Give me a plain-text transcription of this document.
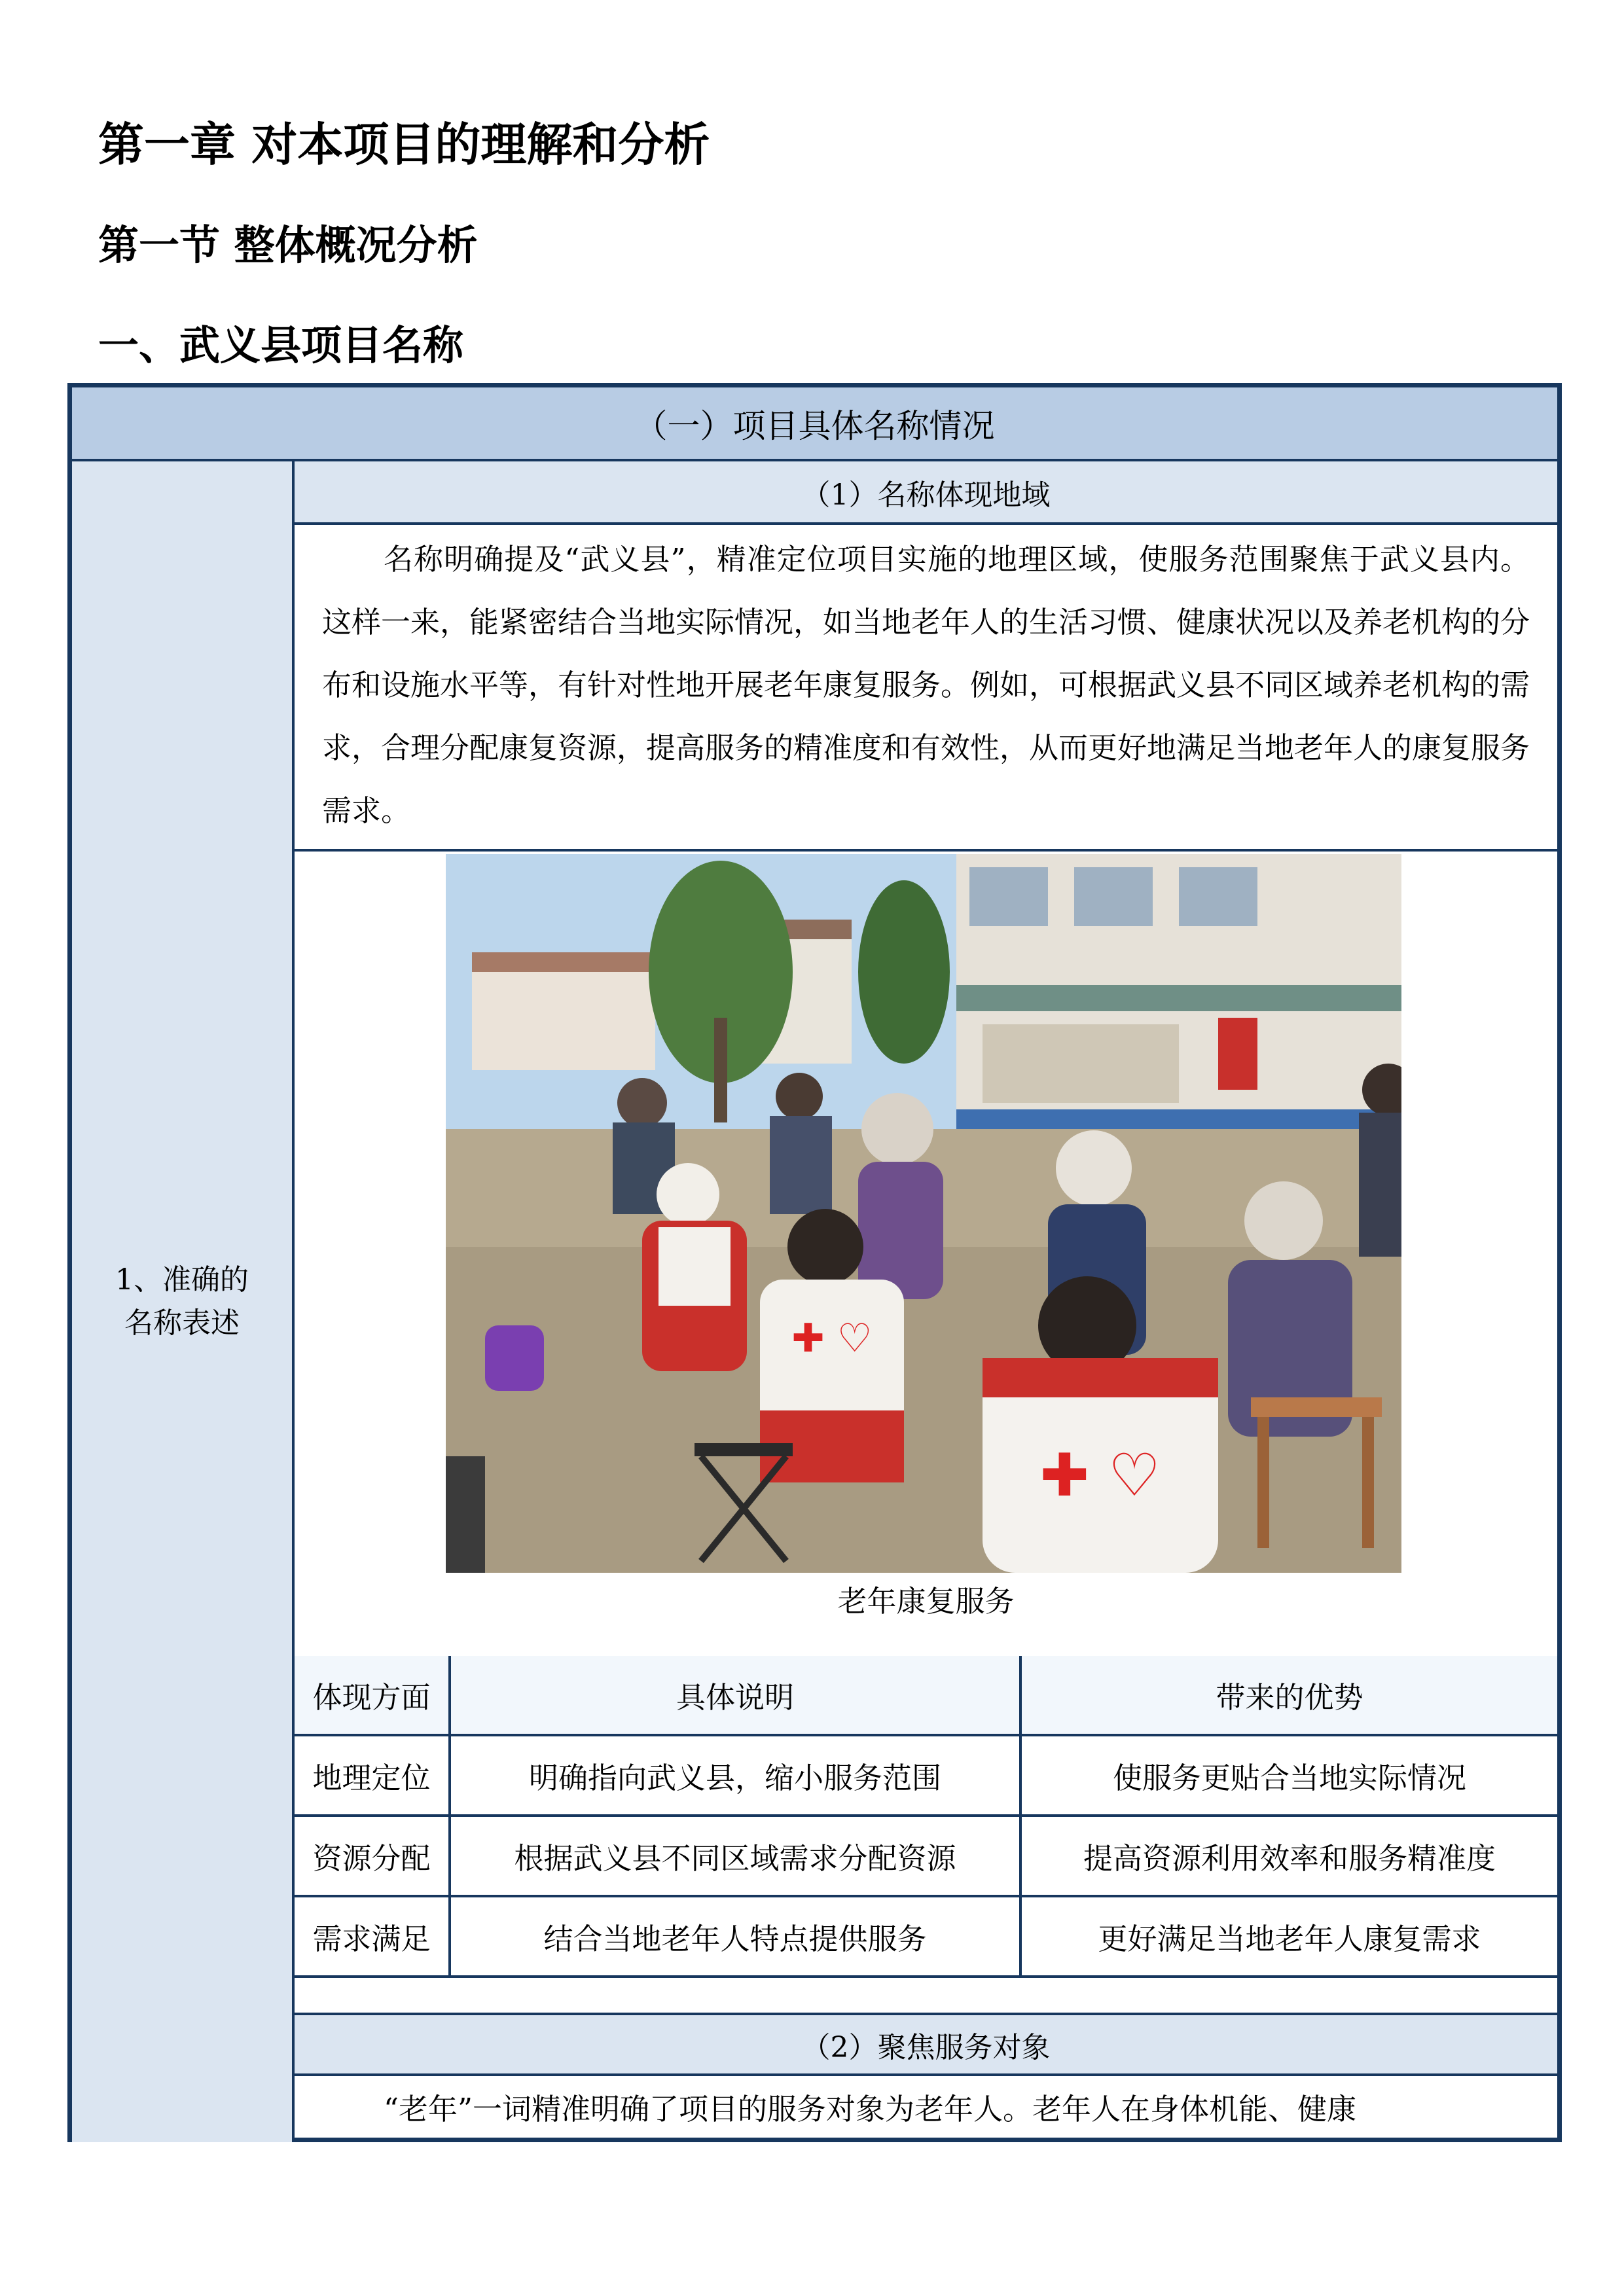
第一章 对本项目的理解和分析
第一节 整体概况分析
一、武义县项目名称
（一）项目具体名称情况
1、准确的
名称表述
（1）名称体现地域
名称明确提及“武义县”，精准定位项目实施的地理区域，使服务范围聚焦于武义县内。这样一来，能紧密结合当地实际情况，如当地老年人的生活习惯、健康状况以及养老机构的分布和设施水平等，有针对性地开展老年康复服务。例如，可根据武义县不同区域养老机构的需求，合理分配康复资源，提高服务的精准度和有效性，从而更好地满足当地老年人的康复服务需求。
老年康复服务
体现方面	具体说明	带来的优势
地理定位	明确指向武义县，缩小服务范围	使服务更贴合当地实际情况
资源分配	根据武义县不同区域需求分配资源	提高资源利用效率和服务精准度
需求满足	结合当地老年人特点提供服务	更好满足当地老年人康复需求
（2）聚焦服务对象
“老年”一词精准明确了项目的服务对象为老年人。老年人在身体机能、健康
✚ ♡
✚ ♡
